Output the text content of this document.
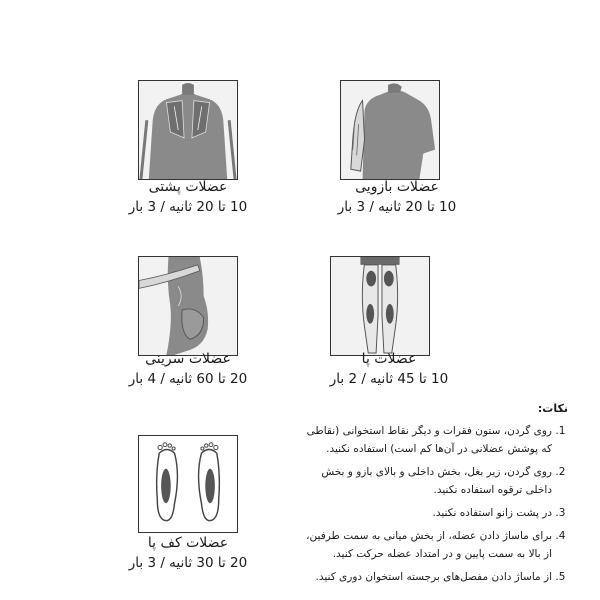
عضلات پشتی
10 تا 20 ثانیه / 3 بار
عضلات بازویی
10 تا 20 ثانیه / 3 بار
عضلات سرینی
20 تا 60 ثانیه / 4 بار
عضلات پا
10 تا 45 ثانیه / 2 بار
عضلات کف پا
20 تا 30 ثانیه / 3 بار
نکات:
1. روی گردن، ستون فقرات و دیگر نقاط استخوانی (نقاطی که پوشش عضلانی در آن‌ها کم است) استفاده نکنید.
2. روی گردن، زیر بغل، بخش داخلی و بالای بازو و بخش داخلی ترقوه استفاده نکنید.
3. در پشت زانو استفاده نکنید.
4. برای ماساژ دادن عضله، از بخش میانی به سمت طرفین، از بالا به سمت پایین و در امتداد عضله حرکت کنید.
5. از ماساژ دادن مفصل‌های برجسته استخوان دوری کنید.
